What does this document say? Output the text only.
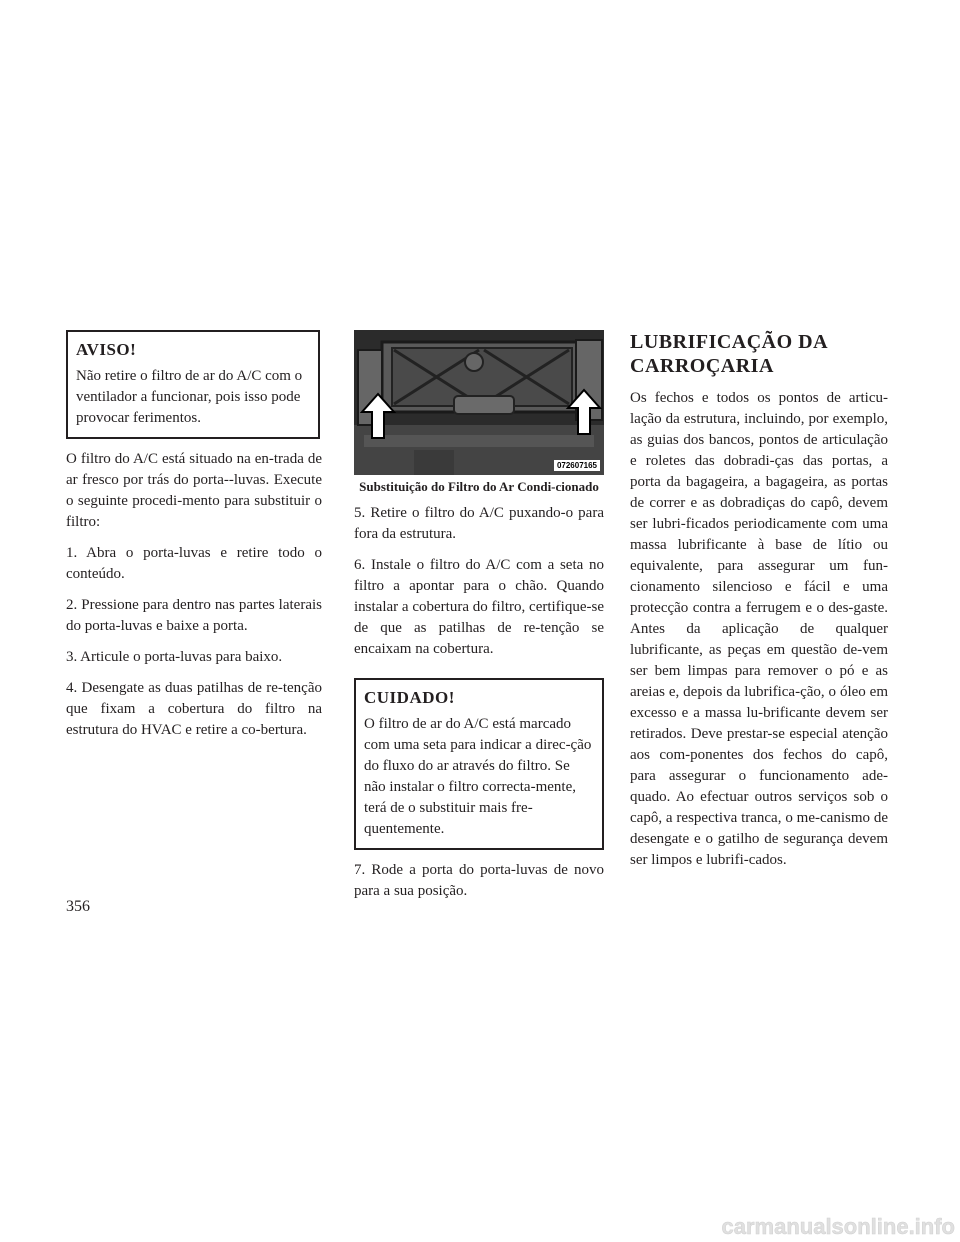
AVISO!

Não retire o filtro de ar do A/C com o ventilador a funcionar, pois isso pode provocar ferimentos.

O filtro do A/C está situado na en-trada de ar fresco por trás do porta--luvas. Execute o seguinte procedi-mento para substituir o filtro:

1. Abra o porta-luvas e retire todo o conteúdo.

2. Pressione para dentro nas partes laterais do porta-luvas e baixe a porta.

3. Articule o porta-luvas para baixo.

4. Desengate as duas patilhas de re-tenção que fixam a cobertura do filtro na estrutura do HVAC e retire a co-bertura.

072607165
Substituição do Filtro do Ar Condi-cionado

5. Retire o filtro do A/C puxando-o para fora da estrutura.

6. Instale o filtro do A/C com a seta no filtro a apontar para o chão. Quando instalar a cobertura do filtro, certifique-se de que as patilhas de re-tenção se encaixam na cobertura.

CUIDADO!

O filtro de ar do A/C está marcado com uma seta para indicar a direc-ção do fluxo do ar através do filtro. Se não instalar o filtro correcta-mente, terá de o substituir mais fre-quentemente.

7. Rode a porta do porta-luvas de novo para a sua posição.

LUBRIFICAÇÃO DA CARROÇARIA

Os fechos e todos os pontos de articu-lação da estrutura, incluindo, por exemplo, as guias dos bancos, pontos de articulação e roletes das dobradi-ças das portas, a porta da bagageira, a bagageira, as portas de correr e as dobradiças do capô, devem ser lubri-ficados periodicamente com uma massa lubrificante à base de lítio ou equivalente, para assegurar um fun-cionamento silencioso e fácil e uma protecção contra a ferrugem e o des-gaste. Antes da aplicação de qualquer lubrificante, as peças em questão de-vem ser bem limpas para remover o pó e as areias e, depois da lubrifica-ção, o óleo em excesso e a massa lu-brificante devem ser retirados. Deve prestar-se especial atenção aos com-ponentes dos fechos do capô, para assegurar o funcionamento ade-quado. Ao efectuar outros serviços sob o capô, a respectiva tranca, o me-canismo de desengate e o gatilho de segurança devem ser limpos e lubrifi-cados.

356
carmanualsonline.info
